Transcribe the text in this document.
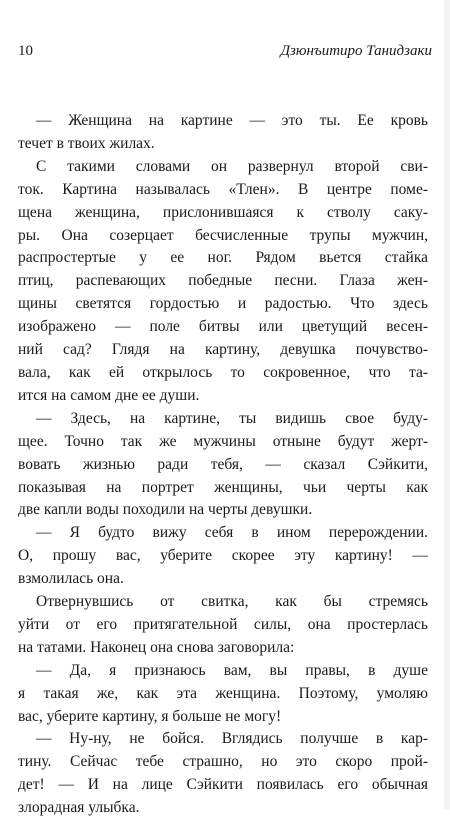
10	Дзюнъитиро Танидзаки

— Женщина на картине — это ты. Ее кровь
течет в твоих жилах.

С такими словами он развернул второй сви-
ток. Картина называлась «Тлен». В центре поме-
щена женщина, прислонившаяся к стволу саку-
ры. Она созерцает бесчисленные трупы мужчин,
распростертые у ее ног. Рядом вьется стайка
птиц, распевающих победные песни. Глаза жен-
щины светятся гордостью и радостью. Что здесь
изображено — поле битвы или цветущий весен-
ний сад? Глядя на картину, девушка почувство-
вала, как ей открылось то сокровенное, что та-
ится на самом дне ее души.

— Здесь, на картине, ты видишь свое буду-
щее. Точно так же мужчины отныне будут жерт-
вовать жизнью ради тебя, — сказал Сэйкити,
показывая на портрет женщины, чьи черты как
две капли воды походили на черты девушки.

— Я будто вижу себя в ином перерождении.
О, прошу вас, уберите скорее эту картину! —
взмолилась она.

Отвернувшись от свитка, как бы стремясь
уйти от его притягательной силы, она простерлась
на татами. Наконец она снова заговорила:

— Да, я признаюсь вам, вы правы, в душе
я такая же, как эта женщина. Поэтому, умоляю
вас, уберите картину, я больше не могу!

— Ну-ну, не бойся. Вглядись получше в кар-
тину. Сейчас тебе страшно, но это скоро прой-
дет! — И на лице Сэйкити появилась его обычная
злорадная улыбка.
